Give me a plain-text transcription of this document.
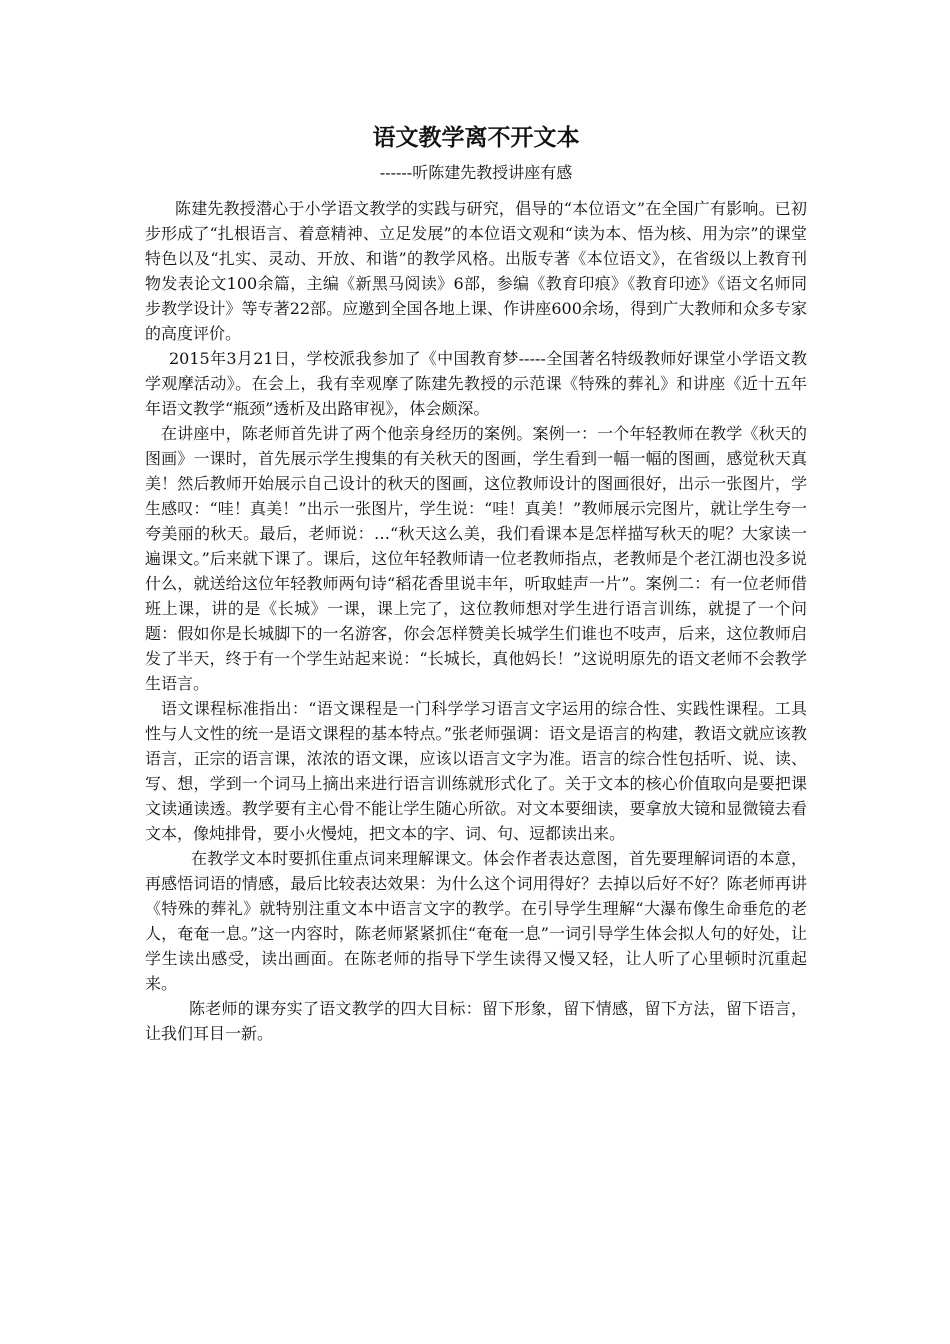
语文教学离不开文本
------听陈建先教授讲座有感

陈建先教授潜心于小学语文教学的实践与研究，倡导的“本位语文”在全国广有影响。已初步形成了“扎根语言、着意精神、立足发展”的本位语文观和“读为本、悟为核、用为宗”的课堂特色以及“扎实、灵动、开放、和谐”的教学风格。出版专著《本位语文》，在省级以上教育刊物发表论文100余篇，主编《新黑马阅读》6部，参编《教育印痕》《教育印迹》《语文名师同步教学设计》等专著22部。应邀到全国各地上课、作讲座600余场，得到广大教师和众多专家的高度评价。

2015年3月21日，学校派我参加了《中国教育梦-----全国著名特级教师好课堂小学语文教学观摩活动》。在会上，我有幸观摩了陈建先教授的示范课《特殊的葬礼》和讲座《近十五年年语文教学“瓶颈”透析及出路审视》，体会颇深。

在讲座中，陈老师首先讲了两个他亲身经历的案例。案例一：一个年轻教师在教学《秋天的图画》一课时，首先展示学生搜集的有关秋天的图画，学生看到一幅一幅的图画，感觉秋天真美！然后教师开始展示自己设计的秋天的图画，这位教师设计的图画很好，出示一张图片，学生感叹：“哇！真美！”出示一张图片，学生说：“哇！真美！”教师展示完图片，就让学生夸一夸美丽的秋天。最后，老师说：…“秋天这么美，我们看课本是怎样描写秋天的呢？大家读一遍课文。”后来就下课了。课后，这位年轻教师请一位老教师指点，老教师是个老江湖也没多说什么，就送给这位年轻教师两句诗“稻花香里说丰年，听取蛙声一片”。案例二：有一位老师借班上课，讲的是《长城》一课，课上完了，这位教师想对学生进行语言训练，就提了一个问题：假如你是长城脚下的一名游客，你会怎样赞美长城学生们谁也不吱声，后来，这位教师启发了半天，终于有一个学生站起来说：“长城长，真他妈长！”这说明原先的语文老师不会教学生语言。

语文课程标准指出：“语文课程是一门科学学习语言文字运用的综合性、实践性课程。工具性与人文性的统一是语文课程的基本特点。”张老师强调：语文是语言的构建，教语文就应该教语言，正宗的语言课，浓浓的语文课，应该以语言文字为准。语言的综合性包括听、说、读、写、想，学到一个词马上摘出来进行语言训练就形式化了。关于文本的核心价值取向是要把课文读通读透。教学要有主心骨不能让学生随心所欲。对文本要细读，要拿放大镜和显微镜去看文本，像炖排骨，要小火慢炖，把文本的字、词、句、逗都读出来。

在教学文本时要抓住重点词来理解课文。体会作者表达意图，首先要理解词语的本意，再感悟词语的情感，最后比较表达效果：为什么这个词用得好？去掉以后好不好？陈老师再讲《特殊的葬礼》就特别注重文本中语言文字的教学。在引导学生理解“大瀑布像生命垂危的老人，奄奄一息。”这一内容时，陈老师紧紧抓住“奄奄一息”一词引导学生体会拟人句的好处，让学生读出感受，读出画面。在陈老师的指导下学生读得又慢又轻，让人听了心里顿时沉重起来。

陈老师的课夯实了语文教学的四大目标：留下形象，留下情感，留下方法，留下语言，让我们耳目一新。
